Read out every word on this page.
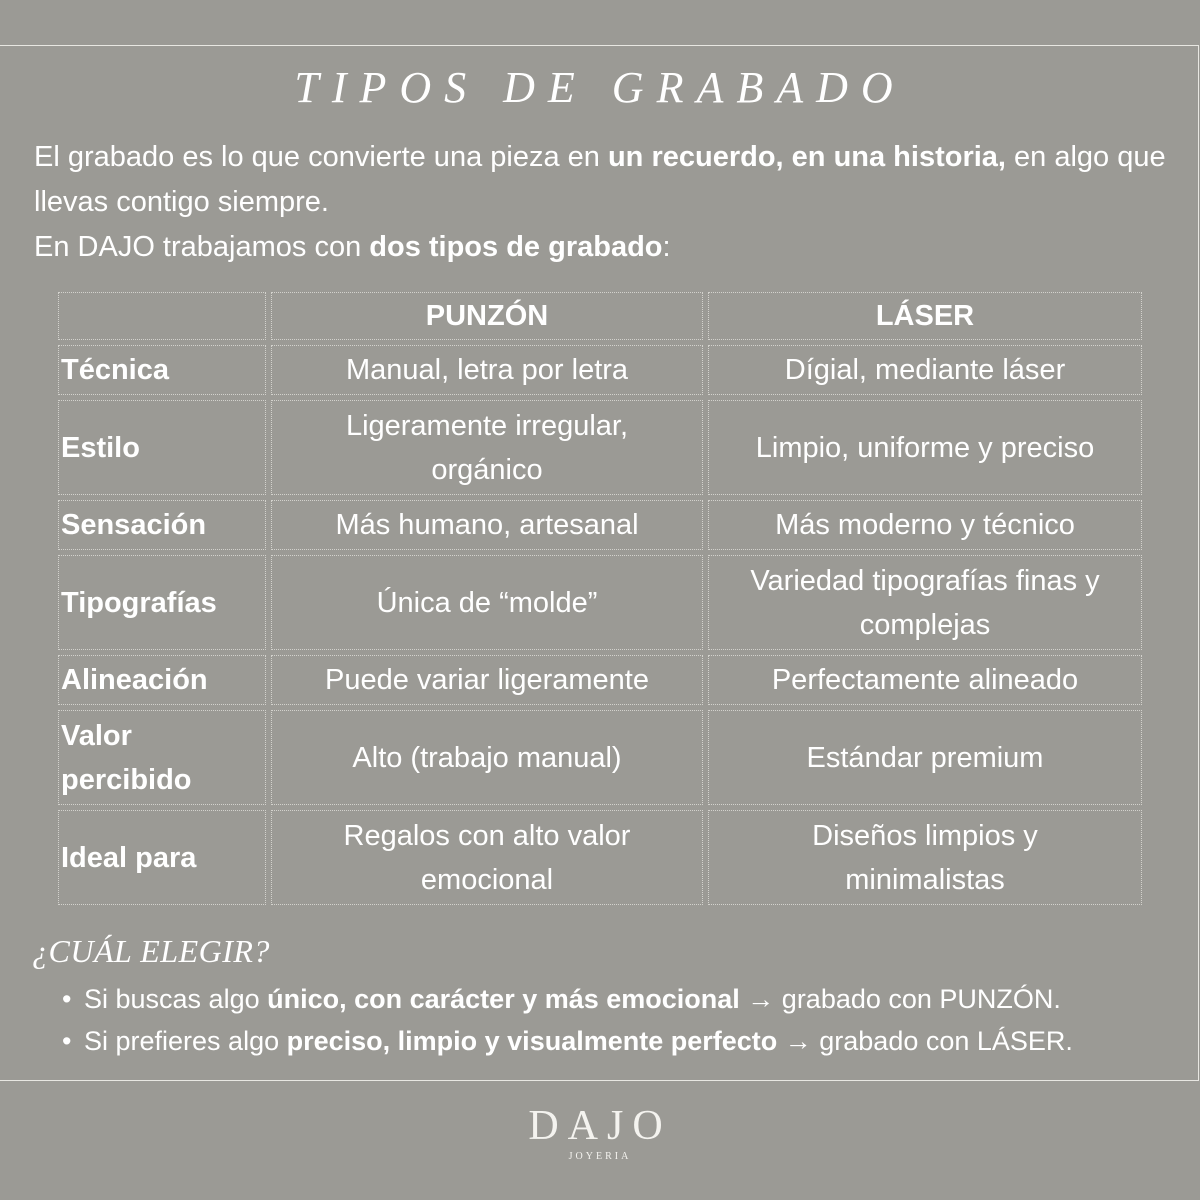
TIPOS DE GRABADO
El grabado es lo que convierte una pieza en un recuerdo, en una historia, en algo que llevas contigo siempre.
En DAJO trabajamos con dos tipos de grabado:
	PUNZÓN	LÁSER
Técnica	Manual, letra por letra	Dígial, mediante láser
Estilo	Ligeramente irregular, orgánico	Limpio, uniforme y preciso
Sensación	Más humano, artesanal	Más moderno y técnico
Tipografías	Única de “molde”	Variedad tipografías finas y complejas
Alineación	Puede variar ligeramente	Perfectamente alineado
Valor percibido	Alto (trabajo manual)	Estándar premium
Ideal para	Regalos con alto valor emocional	Diseños limpios y minimalistas
¿CUÁL ELEGIR?
• Si buscas algo único, con carácter y más emocional → grabado con PUNZÓN.
• Si prefieres algo preciso, limpio y visualmente perfecto → grabado con LÁSER.
DAJO
JOYERIA
